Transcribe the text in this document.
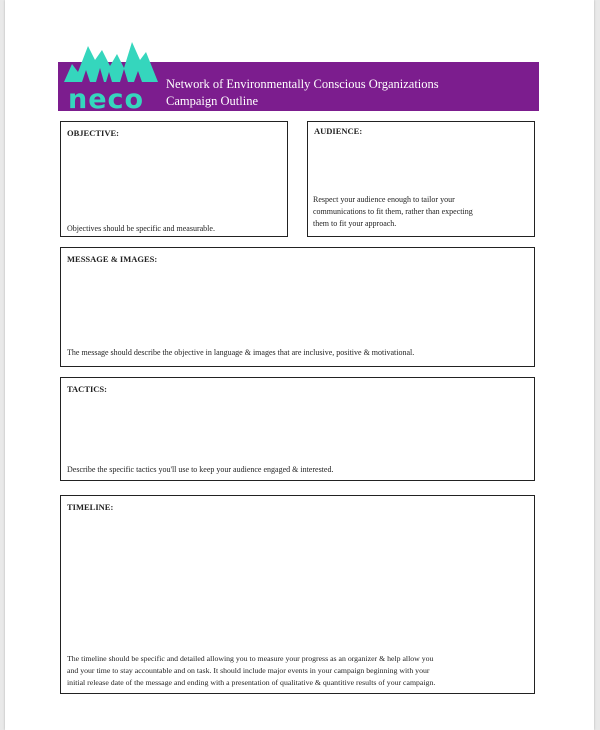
neco Network of Environmentally Conscious Organizations
Campaign Outline
OBJECTIVE:
Objectives should be specific and measurable.
AUDIENCE:
Respect your audience enough to tailor your
communications to fit them, rather than expecting
them to fit your approach.
MESSAGE & IMAGES:
The message should describe the objective in language & images that are inclusive, positive & motivational.
TACTICS:
Describe the specific tactics you'll use to keep your audience engaged & interested.
TIMELINE:
The timeline should be specific and detailed allowing you to measure your progress as an organizer & help allow you
and your time to stay accountable and on task. It should include major events in your campaign beginning with your
initial release date of the message and ending with a presentation of qualitative & quantitive results of your campaign.
